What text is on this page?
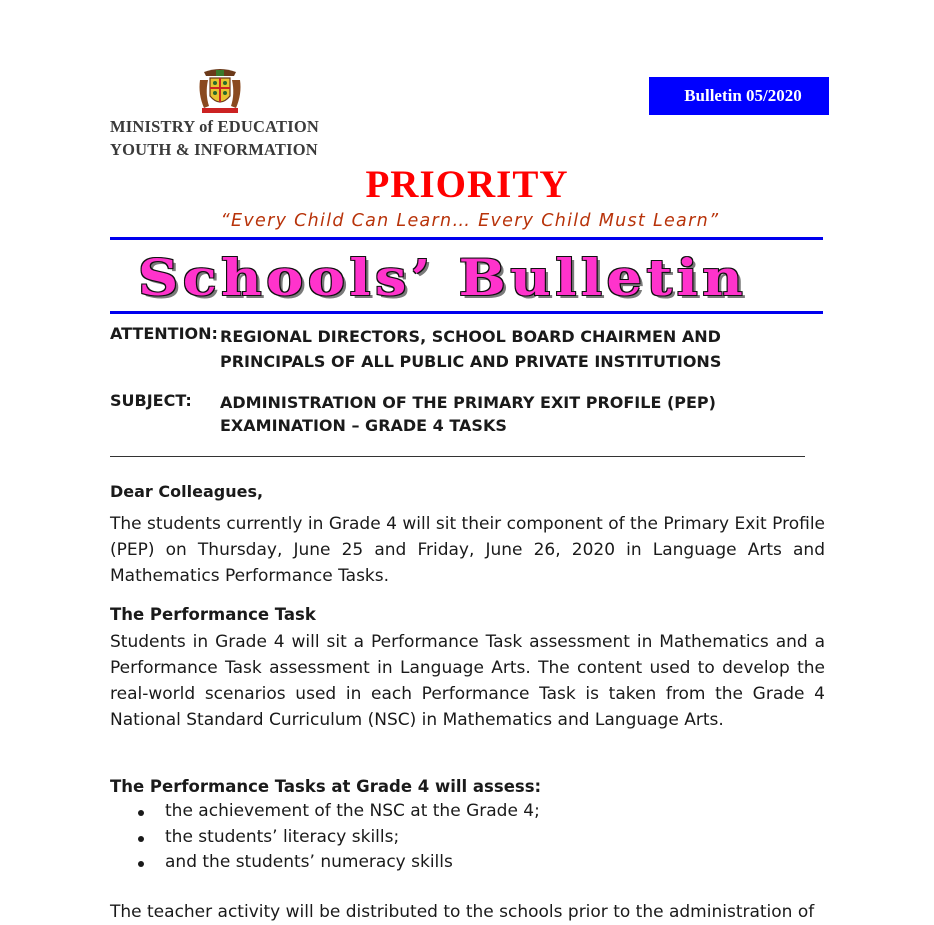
MINISTRY of EDUCATION
YOUTH & INFORMATION
Bulletin 05/2020
PRIORITY
“Every Child Can Learn… Every Child Must Learn”
Schools’ Bulletin
ATTENTION: REGIONAL DIRECTORS, SCHOOL BOARD CHAIRMEN AND PRINCIPALS OF ALL PUBLIC AND PRIVATE INSTITUTIONS
SUBJECT: ADMINISTRATION OF THE PRIMARY EXIT PROFILE (PEP) EXAMINATION – GRADE 4 TASKS
Dear Colleagues,
The students currently in Grade 4 will sit their component of the Primary Exit Profile (PEP) on Thursday, June 25 and Friday, June 26, 2020 in Language Arts and Mathematics Performance Tasks.
The Performance Task
Students in Grade 4 will sit a Performance Task assessment in Mathematics and a Performance Task assessment in Language Arts. The content used to develop the real-world scenarios used in each Performance Task is taken from the Grade 4 National Standard Curriculum (NSC) in Mathematics and Language Arts.
The Performance Tasks at Grade 4 will assess:
the achievement of the NSC at the Grade 4;
the students’ literacy skills;
and the students’ numeracy skills
The teacher activity will be distributed to the schools prior to the administration of
